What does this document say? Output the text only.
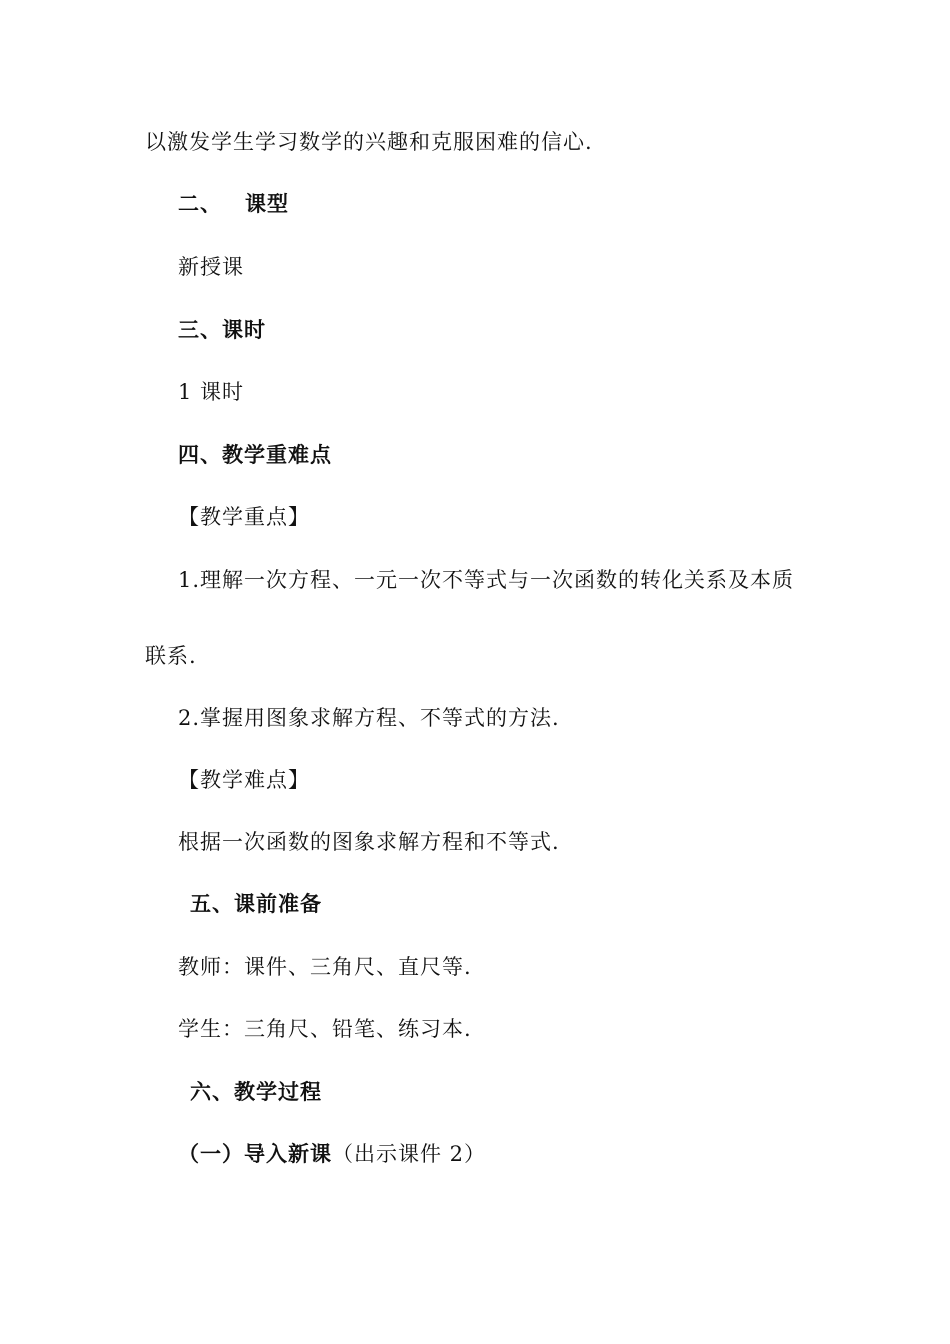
以激发学生学习数学的兴趣和克服困难的信心.
二、 课型
新授课
三、课时
1 课时
四、教学重难点
【教学重点】
1.理解一次方程、一元一次不等式与一次函数的转化关系及本质
联系.
2.掌握用图象求解方程、不等式的方法.
【教学难点】
根据一次函数的图象求解方程和不等式.
五、课前准备
教师：课件、三角尺、直尺等.
学生：三角尺、铅笔、练习本.
六、教学过程
（一）导入新课（出示课件 2）
